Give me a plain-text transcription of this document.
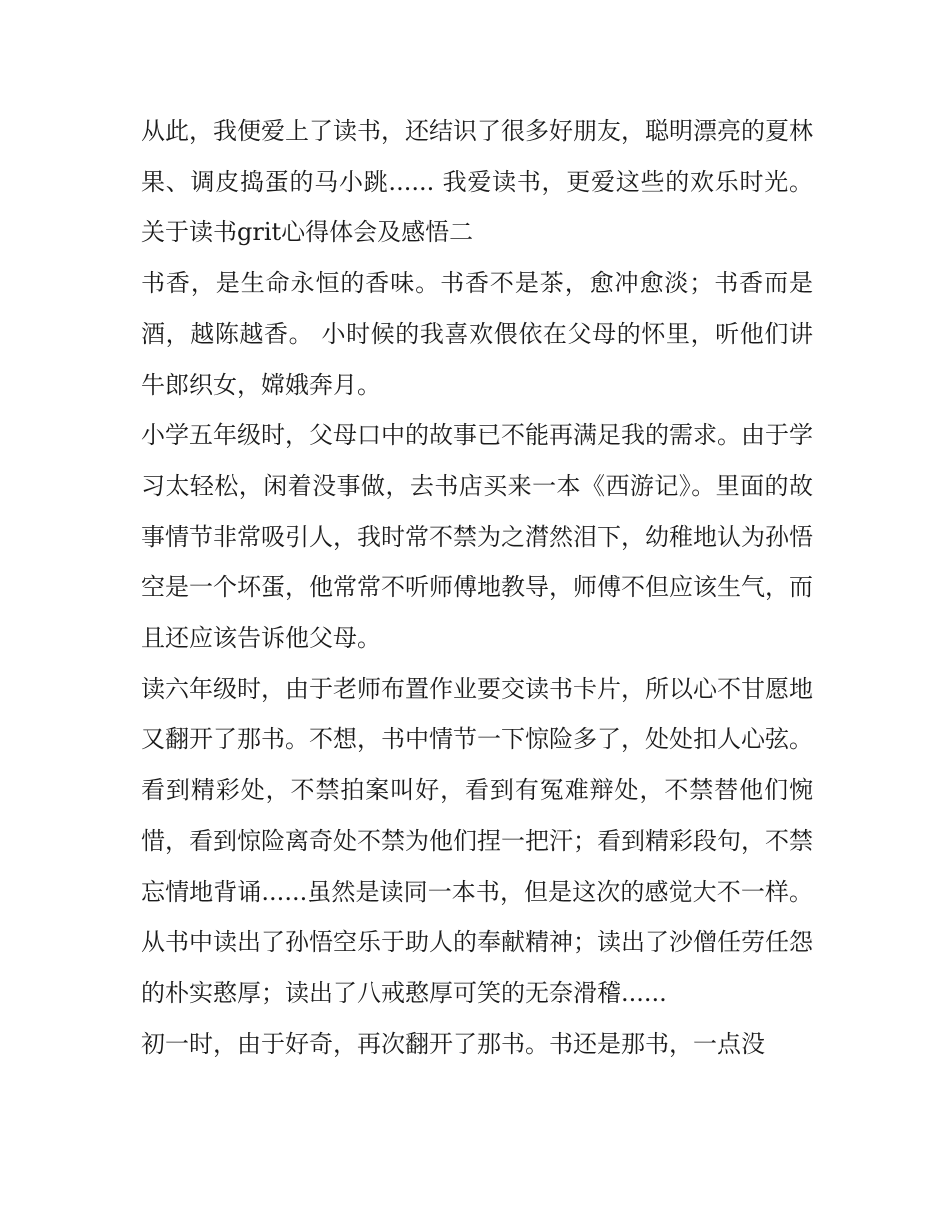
从此，我便爱上了读书，还结识了很多好朋友，聪明漂亮的夏林果、调皮捣蛋的马小跳...... 我爱读书，更爱这些的欢乐时光。 关于读书grit心得体会及感悟二

书香，是生命永恒的香味。书香不是茶，愈冲愈淡；书香而是酒，越陈越香。 小时候的我喜欢偎依在父母的怀里，听他们讲牛郎织女，嫦娥奔月。

小学五年级时，父母口中的故事已不能再满足我的需求。由于学习太轻松，闲着没事做，去书店买来一本《西游记》。里面的故事情节非常吸引人，我时常不禁为之潸然泪下，幼稚地认为孙悟空是一个坏蛋，他常常不听师傅地教导，师傅不但应该生气，而且还应该告诉他父母。

读六年级时，由于老师布置作业要交读书卡片，所以心不甘愿地又翻开了那书。不想，书中情节一下惊险多了，处处扣人心弦。看到精彩处，不禁拍案叫好，看到有冤难辩处，不禁替他们惋惜，看到惊险离奇处不禁为他们捏一把汗；看到精彩段句，不禁忘情地背诵......虽然是读同一本书，但是这次的感觉大不一样。从书中读出了孙悟空乐于助人的奉献精神；读出了沙僧任劳任怨的朴实憨厚；读出了八戒憨厚可笑的无奈滑稽......

初一时，由于好奇，再次翻开了那书。书还是那书，一点没
